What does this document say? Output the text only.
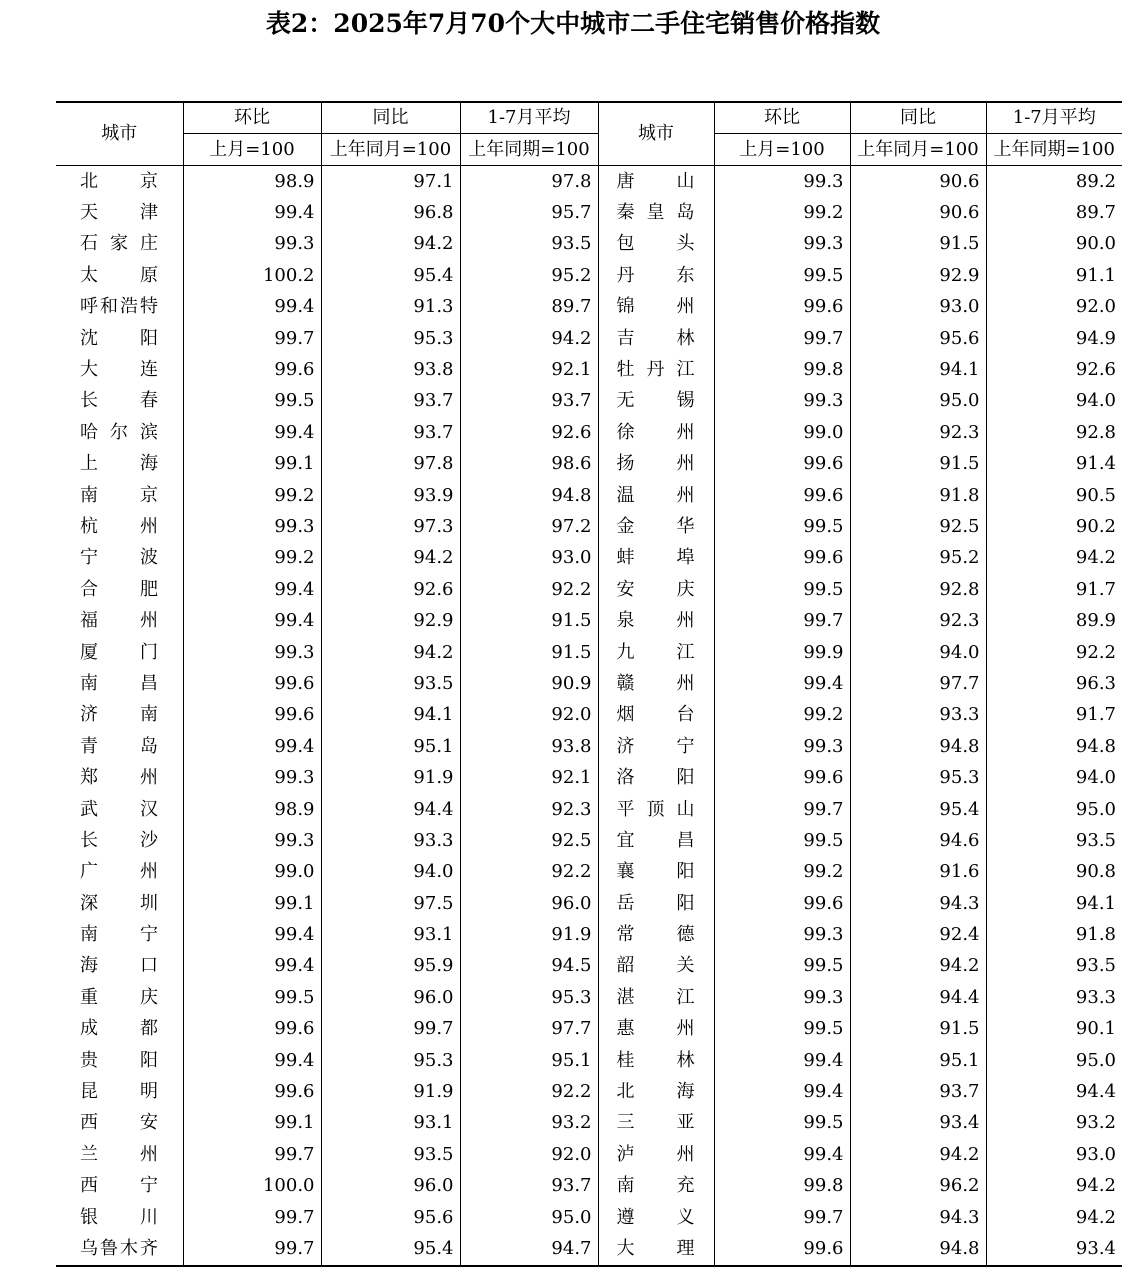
表2：2025年7月70个大中城市二手住宅销售价格指数
城市	环比	同比	1-7月平均	城市	环比	同比	1-7月平均
	上月=100	上年同月=100	上年同期=100		上月=100	上年同月=100	上年同期=100
北京	98.9	97.1	97.8	唐山	99.3	90.6	89.2
天津	99.4	96.8	95.7	秦皇岛	99.2	90.6	89.7
石家庄	99.3	94.2	93.5	包头	99.3	91.5	90.0
太原	100.2	95.4	95.2	丹东	99.5	92.9	91.1
呼和浩特	99.4	91.3	89.7	锦州	99.6	93.0	92.0
沈阳	99.7	95.3	94.2	吉林	99.7	95.6	94.9
大连	99.6	93.8	92.1	牡丹江	99.8	94.1	92.6
长春	99.5	93.7	93.7	无锡	99.3	95.0	94.0
哈尔滨	99.4	93.7	92.6	徐州	99.0	92.3	92.8
上海	99.1	97.8	98.6	扬州	99.6	91.5	91.4
南京	99.2	93.9	94.8	温州	99.6	91.8	90.5
杭州	99.3	97.3	97.2	金华	99.5	92.5	90.2
宁波	99.2	94.2	93.0	蚌埠	99.6	95.2	94.2
合肥	99.4	92.6	92.2	安庆	99.5	92.8	91.7
福州	99.4	92.9	91.5	泉州	99.7	92.3	89.9
厦门	99.3	94.2	91.5	九江	99.9	94.0	92.2
南昌	99.6	93.5	90.9	赣州	99.4	97.7	96.3
济南	99.6	94.1	92.0	烟台	99.2	93.3	91.7
青岛	99.4	95.1	93.8	济宁	99.3	94.8	94.8
郑州	99.3	91.9	92.1	洛阳	99.6	95.3	94.0
武汉	98.9	94.4	92.3	平顶山	99.7	95.4	95.0
长沙	99.3	93.3	92.5	宜昌	99.5	94.6	93.5
广州	99.0	94.0	92.2	襄阳	99.2	91.6	90.8
深圳	99.1	97.5	96.0	岳阳	99.6	94.3	94.1
南宁	99.4	93.1	91.9	常德	99.3	92.4	91.8
海口	99.4	95.9	94.5	韶关	99.5	94.2	93.5
重庆	99.5	96.0	95.3	湛江	99.3	94.4	93.3
成都	99.6	99.7	97.7	惠州	99.5	91.5	90.1
贵阳	99.4	95.3	95.1	桂林	99.4	95.1	95.0
昆明	99.6	91.9	92.2	北海	99.4	93.7	94.4
西安	99.1	93.1	93.2	三亚	99.5	93.4	93.2
兰州	99.7	93.5	92.0	泸州	99.4	94.2	93.0
西宁	100.0	96.0	93.7	南充	99.8	96.2	94.2
银川	99.7	95.6	95.0	遵义	99.7	94.3	94.2
乌鲁木齐	99.7	95.4	94.7	大理	99.6	94.8	93.4
